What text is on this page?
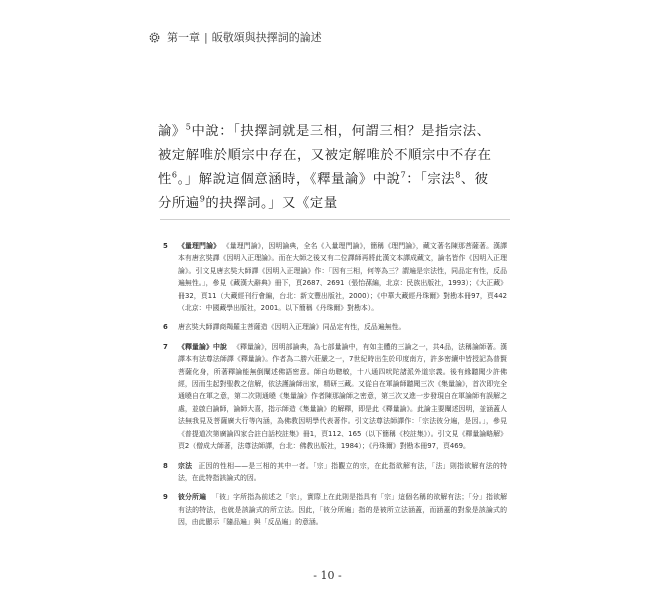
第一章 | 皈敬頌與抉擇詞的論述

論》$^5$中說：「抉擇詞就是三相，何謂三相？是指宗法、被定解唯於順宗中存在，又被定解唯於不順宗中不存在性$^6$。」解說這個意涵時，《釋量論》中說$^7$：「宗法$^8$、彼分所遍$^9$的抉擇詞。」又《定量

5	《量理門論》 《量理門論》，因明論典，全名《入量理門論》，簡稱《理門論》，藏文著名陳那菩薩著。漢譯本有唐玄奘譯《因明入正理論》。而在大師之後又有二位譯師再將此漢文本譯成藏文，論名皆作《因明入正理論》。引文見唐玄奘大師譯《因明入正理論》作：「因有三相，何等為三？謂遍是宗法性，同品定有性，反品遍無性。」，參見《藏漢大辭典》冊下，頁2687、2691（張怡蓀編，北京：民族出版社，1993）；《大正藏》冊32，頁11（大藏經刊行會編，台北：新文豐出版社，2000）；《中華大藏經丹珠爾》對勘本冊97，頁442（北京：中國藏學出版社，2001。以下簡稱《丹珠爾》對勘本）。
6	唐玄奘大師譯商羯羅主菩薩造《因明入正理論》同品定有性，反品遍無性。
7	《釋量論》中說 《釋量論》，因明部論典，為七部量論中，有如主體的三論之一，共4品，法稱論師著。漢譯本有法尊法師譯《釋量論》。作者為二勝六莊嚴之一，7世紀時出生於印度南方，許多密續中皆授記為普賢菩薩化身，所著釋論能無倒闡述佛語密意。師自幼聰敏，十八通四吠陀諸派外道宗義。後有緣聽聞少許佛經，因而生起對聖教之信解，依法護論師出家，精研三藏。又從自在軍論師聽聞三次《集量論》，首次即完全通曉自在軍之意，第二次則通曉《集量論》作者陳那論師之密意，第三次又進一步發現自在軍論師有誤解之處，並啟白論師，論師大喜，指示師造《集量論》的解釋，即是此《釋量論》。此論主要闡述因明，並涵蓋人法無我見及菩薩廣大行等內涵，為佛教因明學代表著作。引文法尊法師譯作：「宗法彼分遍，是因。」，參見《普提道次第廣論四家合註白話校註集》冊1，頁112、165（以下簡稱《校註集》）。引文見《釋量論略解》頁2（僧成大師著，法尊法師譯，台北：佛教出版社，1984）；《丹珠爾》對勘本冊97，頁469。
8	宗法 正因的性相——是三相的其中一者。「宗」指觀立的宗，在此指欲解有法，「法」則指欲解有法的特法，在此特指該論式的因。
9	彼分所遍 「彼」字所指為前述之「宗」，實際上在此則是指具有「宗」這個名稱的欲解有法；「分」指欲解有法的特法，也就是該論式的所立法。因此，「彼分所遍」指的是被所立法涵蓋，而涵蓋的對象是該論式的因，由此顯示「隨品遍」與「反品遍」的意涵。
- 10 -
